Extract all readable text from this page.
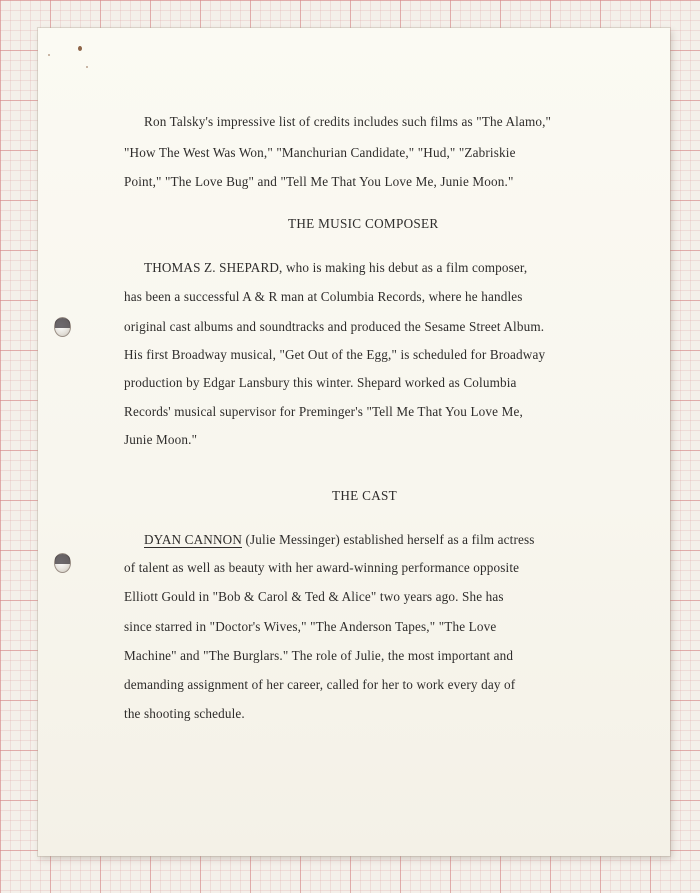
Ron Talsky's impressive list of credits includes such films as "The Alamo,"

"How The West Was Won," "Manchurian Candidate," "Hud," "Zabriskie

Point," "The Love Bug" and "Tell Me That You Love Me, Junie Moon."

THE MUSIC COMPOSER

THOMAS Z. SHEPARD, who is making his debut as a film composer,

has been a successful A & R man at Columbia Records, where he handles

original cast albums and soundtracks and produced the Sesame Street Album.

His first Broadway musical, "Get Out of the Egg," is scheduled for Broadway

production by Edgar Lansbury this winter. Shepard worked as Columbia

Records' musical supervisor for Preminger's "Tell Me That You Love Me,

Junie Moon."

THE CAST

DYAN CANNON (Julie Messinger) established herself as a film actress

of talent as well as beauty with her award-winning performance opposite

Elliott Gould in "Bob & Carol & Ted & Alice" two years ago. She has

since starred in "Doctor's Wives," "The Anderson Tapes," "The Love

Machine" and "The Burglars." The role of Julie, the most important and

demanding assignment of her career, called for her to work every day of

the shooting schedule.
